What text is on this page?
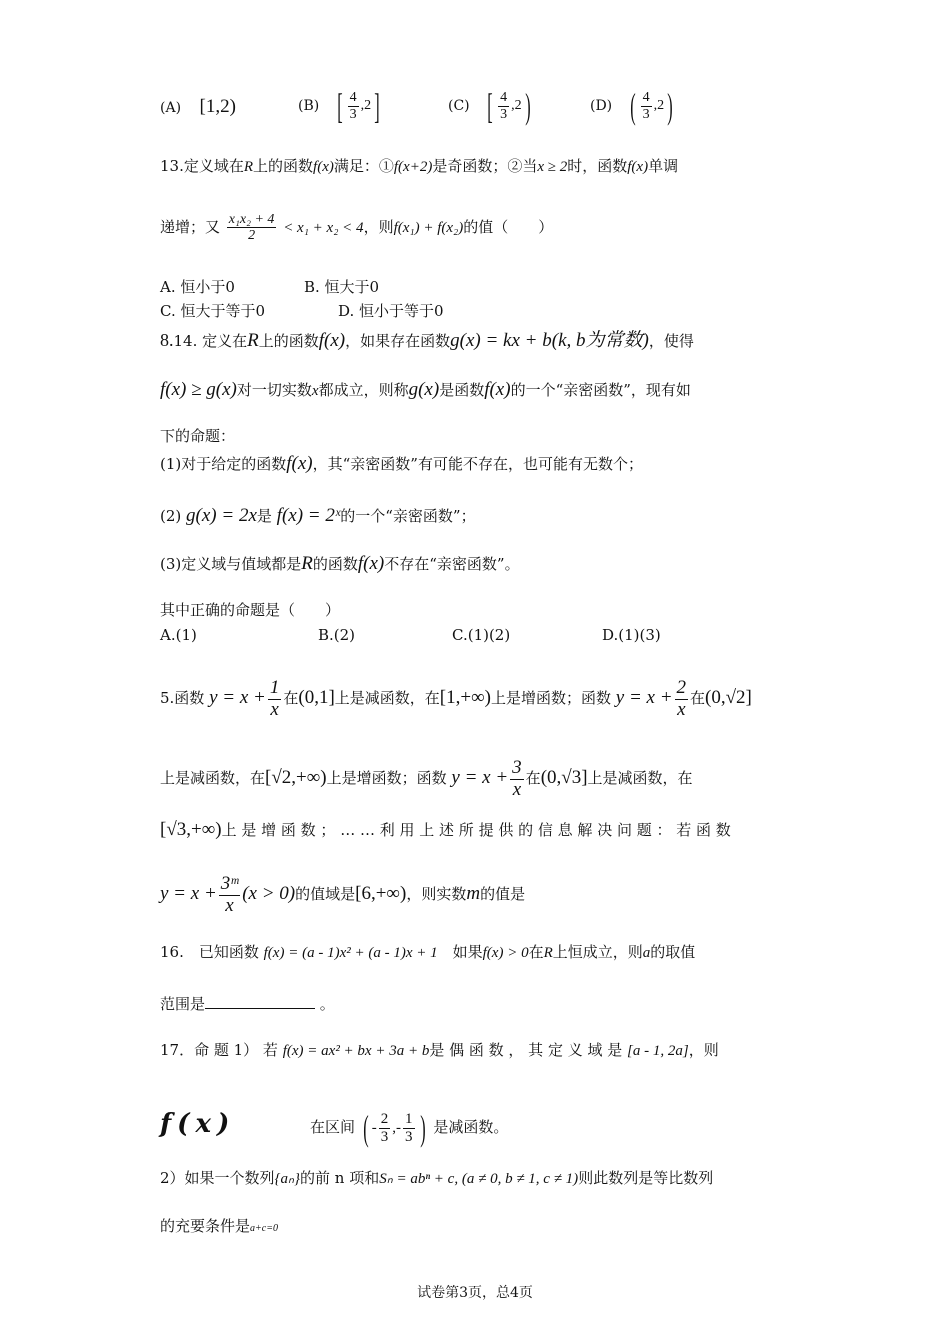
(A) [1,2)	(B) [ $\frac{4}{3} ,2$ ]	(C) [ $\frac{4}{3} ,2$ )	(D) ( $\frac{4}{3} ,2$ )
13.定义域在R上的函数f(x)满足：①f(x+2)是奇函数；②当x ≥ 2时，函数f(x)单调
递增；又 $\frac{\text{x₁x₂ + 4}}{2} < x_1 + x_2 < 4$，则f(x₁) + f(x₂)的值（　　）
A. 恒小于0	B. 恒大于0
C. 恒大于等于0	D. 恒小于等于0
8.14. 定义在R上的函数f(x)，如果存在函数g(x) = kx + b(k, b为常数)，使得
f(x) ≥ g(x)对一切实数x都成立，则称g(x)是函数f(x)的一个“亲密函数”，现有如
下的命题：
(1)对于给定的函数f(x)，其“亲密函数”有可能不存在，也可能有无数个；
(2) g(x) = 2x是 f(x) = 2ˣ的一个“亲密函数”；
(3)定义域与值域都是R的函数f(x)不存在“亲密函数”。
其中正确的命题是（　　）
A.(1)	B.(2)	C.(1)(2)	D.(1)(3)
5.函数 $y = x + \frac{1}{x}$ 在(0,1]上是减函数，在[1,+∞)上是增函数；函数 $y = x + \frac{2}{x}$ 在(0,√2]
上是减函数，在[√2,+∞)上是增函数；函数 $y = x + \frac{3}{x}$ 在(0,√3]上是减函数，在
[√3,+∞)上 是 增 函 数 ； … … 利 用 上 述 所 提 供 的 信 息 解 决 问 题 ： 若 函 数
$y = x + \frac{\text{3ᵐ}}{x} (x > 0)$的值域是[6,+∞)，则实数m的值是
16.　已知函数 f(x) = (a - 1)x² + (a - 1)x + 1　 如果f(x) > 0在R上恒成立，则a的取值
范围是	。
17．命 题 1） 若 f(x) = ax² + bx + 3a + b是 偶 函 数 ， 其 定 义 域 是 [a - 1, 2a]，则
f(x)	在区间 ( - $\frac{2}{3}$ ,- $\frac{1}{3}$ ) 是减函数。
2）如果一个数列{aₙ}的前 n 项和Sₙ = abⁿ + c, (a ≠ 0, b ≠ 1, c ≠ 1)则此数列是等比数列
的充要条件是a+c=0
试卷第3页，总4页
